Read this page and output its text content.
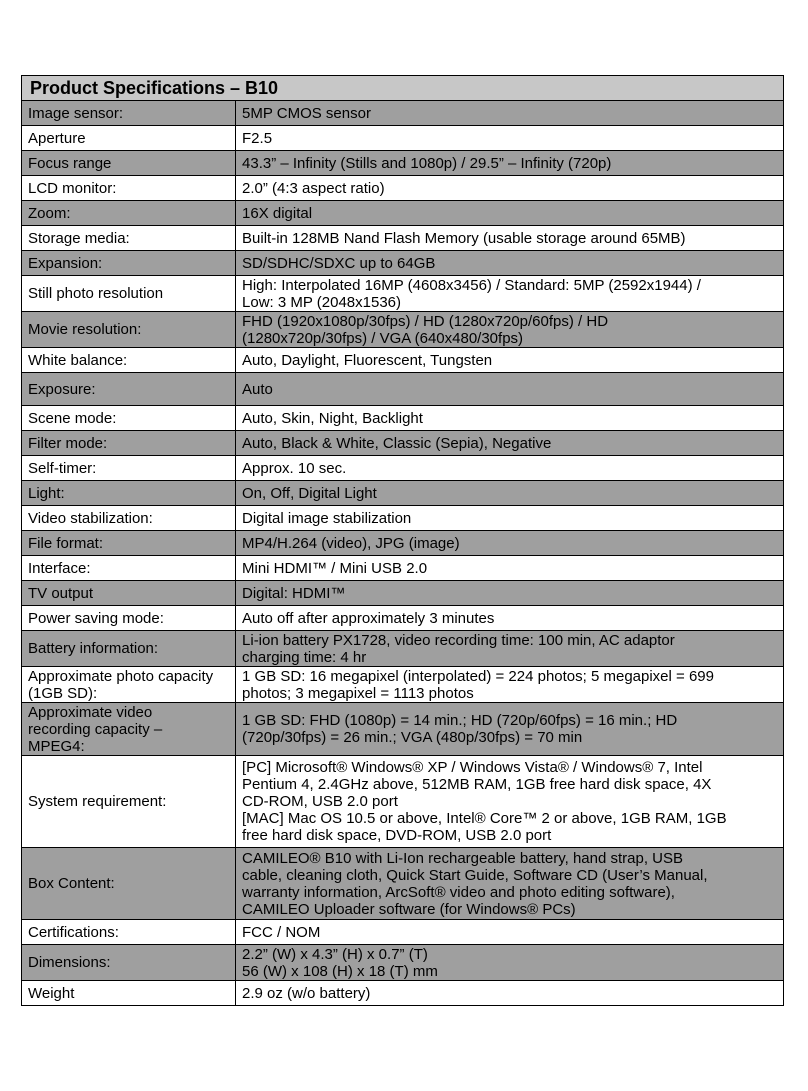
Product Specifications – B10	
Image sensor:	5MP CMOS sensor
Aperture	F2.5
Focus range	43.3” – Infinity (Stills and 1080p) / 29.5” – Infinity (720p)
LCD monitor:	2.0” (4:3 aspect ratio)
Zoom:	16X digital
Storage media:	Built-in 128MB Nand Flash Memory (usable storage around 65MB)
Expansion:	SD/SDHC/SDXC up to 64GB
Still photo resolution	High: Interpolated 16MP (4608x3456) / Standard: 5MP (2592x1944) /
Low: 3 MP (2048x1536)
Movie resolution:	FHD (1920x1080p/30fps) / HD (1280x720p/60fps) / HD
(1280x720p/30fps) / VGA (640x480/30fps)
White balance:	Auto, Daylight, Fluorescent, Tungsten
Exposure:	Auto
Scene mode:	Auto, Skin, Night, Backlight
Filter mode:	Auto, Black & White, Classic (Sepia), Negative
Self-timer:	Approx. 10 sec.
Light:	On, Off, Digital Light
Video stabilization:	Digital image stabilization
File format:	MP4/H.264 (video), JPG (image)
Interface:	Mini HDMI™ / Mini USB 2.0
TV output	Digital: HDMI™
Power saving mode:	Auto off after approximately 3 minutes
Battery information:	Li-ion battery PX1728, video recording time: 100 min, AC adaptor
charging time: 4 hr
Approximate photo capacity
(1GB SD):	1 GB SD: 16 megapixel (interpolated) = 224 photos; 5 megapixel = 699
photos; 3 megapixel = 1113 photos
Approximate video
recording capacity –
MPEG4:	1 GB SD: FHD (1080p) = 14 min.; HD (720p/60fps) = 16 min.; HD
(720p/30fps) = 26 min.; VGA (480p/30fps) = 70 min
System requirement:	[PC] Microsoft® Windows® XP / Windows Vista® / Windows® 7, Intel
Pentium 4, 2.4GHz above, 512MB RAM, 1GB free hard disk space, 4X
CD-ROM, USB 2.0 port
[MAC] Mac OS 10.5 or above, Intel® Core™ 2 or above, 1GB RAM, 1GB
free hard disk space, DVD-ROM, USB 2.0 port
Box Content:	CAMILEO® B10 with Li-Ion rechargeable battery, hand strap, USB
cable, cleaning cloth, Quick Start Guide, Software CD (User’s Manual,
warranty information, ArcSoft® video and photo editing software),
CAMILEO Uploader software (for Windows® PCs)
Certifications:	FCC / NOM
Dimensions:	2.2” (W) x 4.3” (H) x 0.7” (T)
56 (W) x 108 (H) x 18 (T) mm
Weight	2.9 oz (w/o battery)
